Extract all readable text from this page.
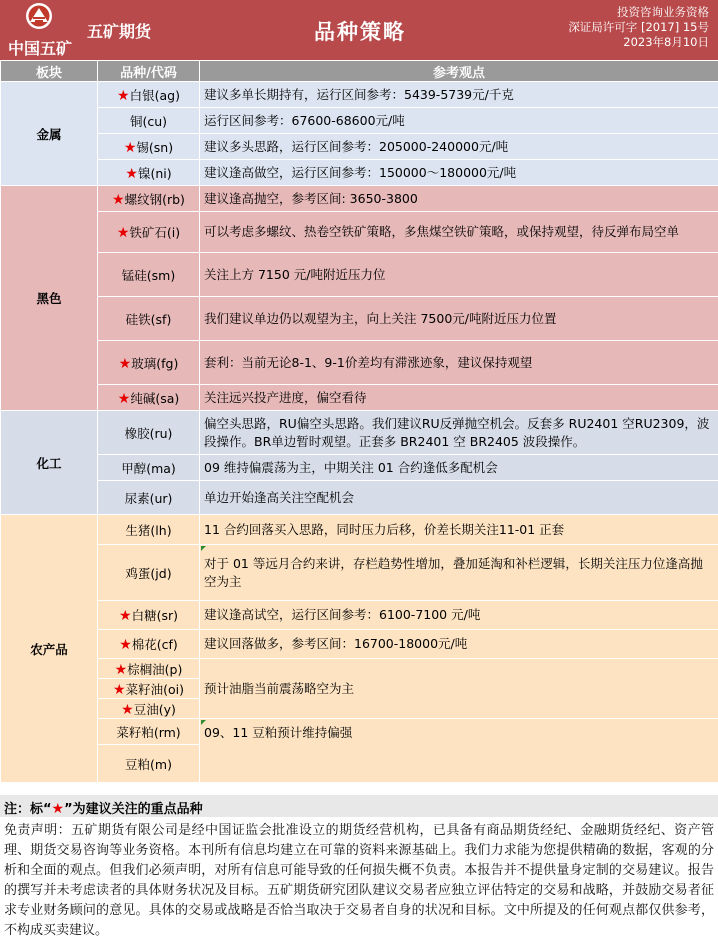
中国五矿
五矿期货	品种策略
投资咨询业务资格
深证局许可字 [2017] 15号
2023年8月10日
板块	品种/代码	参考观点
金属	★白银(ag)	建议多单长期持有，运行区间参考：5439-5739元/千克
	铜(cu)	运行区间参考：67600-68600元/吨
	★锡(sn)	建议多头思路，运行区间参考：205000-240000元/吨
	★镍(ni)	建议逢高做空，运行区间参考：150000～180000元/吨
黑色	★螺纹钢(rb)	建议逢高抛空，参考区间: 3650-3800
	★铁矿石(i)	可以考虑多螺纹、热卷空铁矿策略，多焦煤空铁矿策略，或保持观望，待反弹布局空单
	锰硅(sm)	关注上方 7150 元/吨附近压力位
	硅铁(sf)	我们建议单边仍以观望为主，向上关注 7500元/吨附近压力位置
	★玻璃(fg)	套利：当前无论8-1、9-1价差均有滞涨迹象，建议保持观望
	★纯碱(sa)	关注远兴投产进度，偏空看待
化工	橡胶(ru)	偏空头思路，RU偏空头思路。我们建议RU反弹抛空机会。反套多 RU2401 空RU2309，波段操作。BR单边暂时观望。正套多 BR2401 空 BR2405 波段操作。
	甲醇(ma)	09 维持偏震荡为主，中期关注 01 合约逢低多配机会
	尿素(ur)	单边开始逢高关注空配机会
农产品	生猪(lh)	11 合约回落买入思路，同时压力后移，价差长期关注11-01 正套
	鸡蛋(jd)	对于 01 等远月合约来讲，存栏趋势性增加，叠加延淘和补栏逻辑，长期关注压力位逢高抛空为主
	★白糖(sr)	建议逢高试空，运行区间参考：6100-7100 元/吨
	★棉花(cf)	建议回落做多，参考区间：16700-18000元/吨
	★棕榈油(p)	预计油脂当前震荡略空为主
	★菜籽油(oi)	
	★豆油(y)	
	菜籽粕(rm)	09、11 豆粕预计维持偏强
	豆粕(m)	
注：标“★”为建议关注的重点品种
免责声明：五矿期货有限公司是经中国证监会批准设立的期货经营机构，已具备有商品期货经纪、金融期货经纪、资产管理、期货交易咨询等业务资格。本刊所有信息均建立在可靠的资料来源基础上。我们力求能为您提供精确的数据，客观的分析和全面的观点。但我们必须声明，对所有信息可能导致的任何损失概不负责。本报告并不提供量身定制的交易建议。报告的撰写并未考虑读者的具体财务状况及目标。五矿期货研究团队建议交易者应独立评估特定的交易和战略，并鼓励交易者征求专业财务顾问的意见。具体的交易或战略是否恰当取决于交易者自身的状况和目标。文中所提及的任何观点都仅供参考，不构成买卖建议。
